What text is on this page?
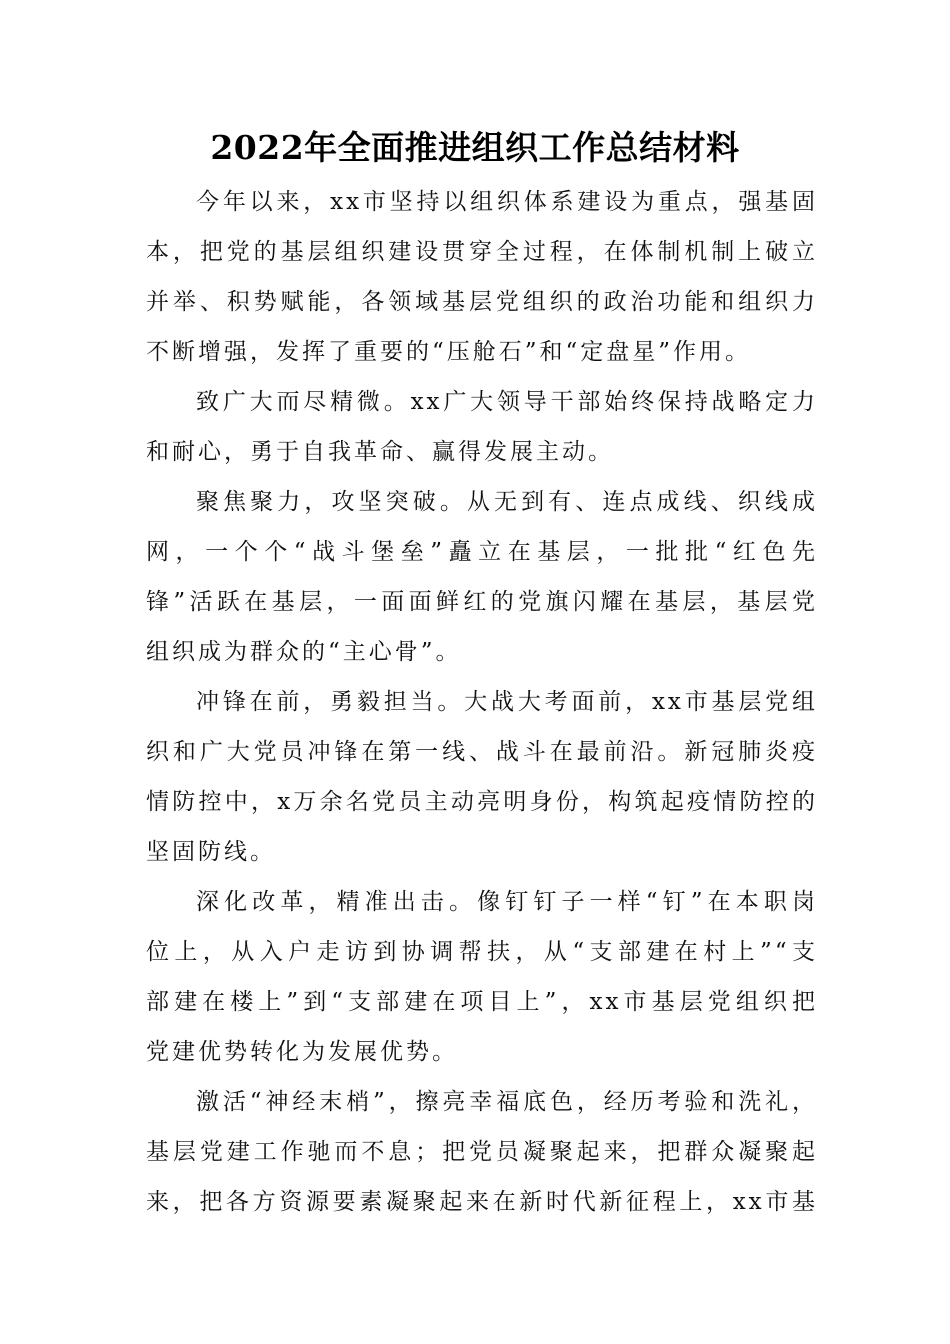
2022年全面推进组织工作总结材料
今年以来，xx市坚持以组织体系建设为重点，强基固
本，把党的基层组织建设贯穿全过程，在体制机制上破立
并举、积势赋能，各领域基层党组织的政治功能和组织力
不断增强，发挥了重要的“压舱石”和“定盘星”作用。
致广大而尽精微。xx广大领导干部始终保持战略定力
和耐心，勇于自我革命、赢得发展主动。
聚焦聚力，攻坚突破。从无到有、连点成线、织线成
网，一个个“战斗堡垒”矗立在基层，一批批“红色先
锋”活跃在基层，一面面鲜红的党旗闪耀在基层，基层党
组织成为群众的“主心骨”。
冲锋在前，勇毅担当。大战大考面前，xx市基层党组
织和广大党员冲锋在第一线、战斗在最前沿。新冠肺炎疫
情防控中，x万余名党员主动亮明身份，构筑起疫情防控的
坚固防线。
深化改革，精准出击。像钉钉子一样“钉”在本职岗
位上，从入户走访到协调帮扶，从“支部建在村上”“支
部建在楼上”到“支部建在项目上”，xx市基层党组织把
党建优势转化为发展优势。
激活“神经末梢”，擦亮幸福底色，经历考验和洗礼，
基层党建工作驰而不息；把党员凝聚起来，把群众凝聚起
来，把各方资源要素凝聚起来在新时代新征程上，xx市基
